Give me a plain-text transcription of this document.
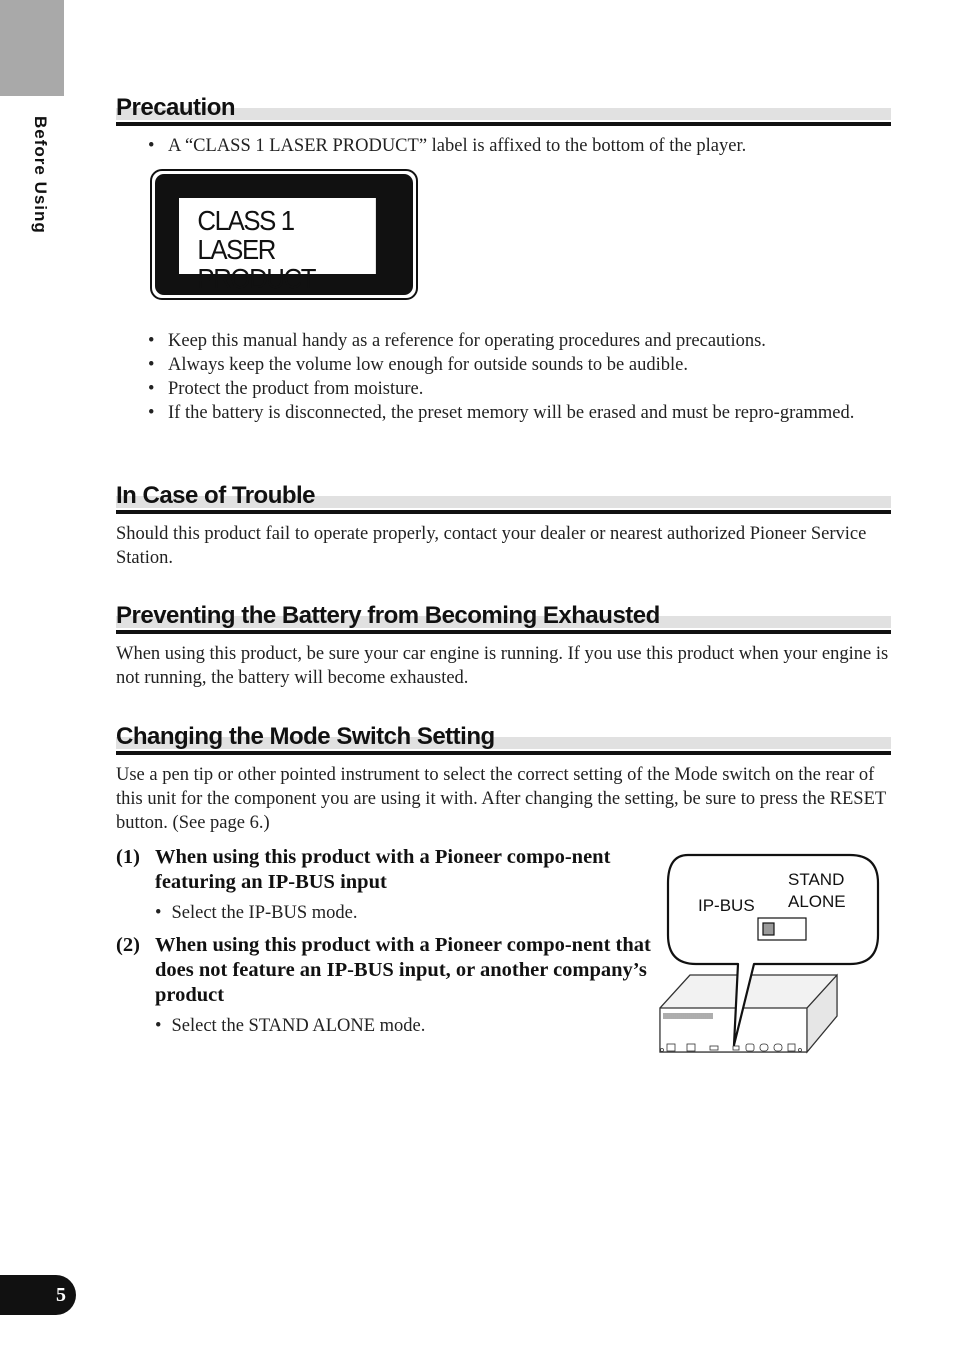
Before Using
Precaution
• A “CLASS 1 LASER PRODUCT” label is affixed to the bottom of the player.
CLASS 1
LASER PRODUCT
• Keep this manual handy as a reference for operating procedures and precautions.
• Always keep the volume low enough for outside sounds to be audible.
• Protect the product from moisture.
• If the battery is disconnected, the preset memory will be erased and must be repro-grammed.
In Case of Trouble

Should this product fail to operate properly, contact your dealer or nearest authorized Pioneer Service Station.

Preventing the Battery from Becoming Exhausted

When using this product, be sure your car engine is running. If you use this product when your engine is not running, the battery will become exhausted.

Changing the Mode Switch Setting

Use a pen tip or other pointed instrument to select the correct setting of the Mode switch on the rear of this unit for the component you are using it with. After changing the setting, be sure to press the RESET button. (See page 6.)

(1) When using this product with a Pioneer compo-nent featuring an IP-BUS input
• Select the IP-BUS mode.
(2) When using this product with a Pioneer compo-nent that does not feature an IP-BUS input, or another company’s product
• Select the STAND ALONE mode.
IP-BUS
STAND
ALONE
5
